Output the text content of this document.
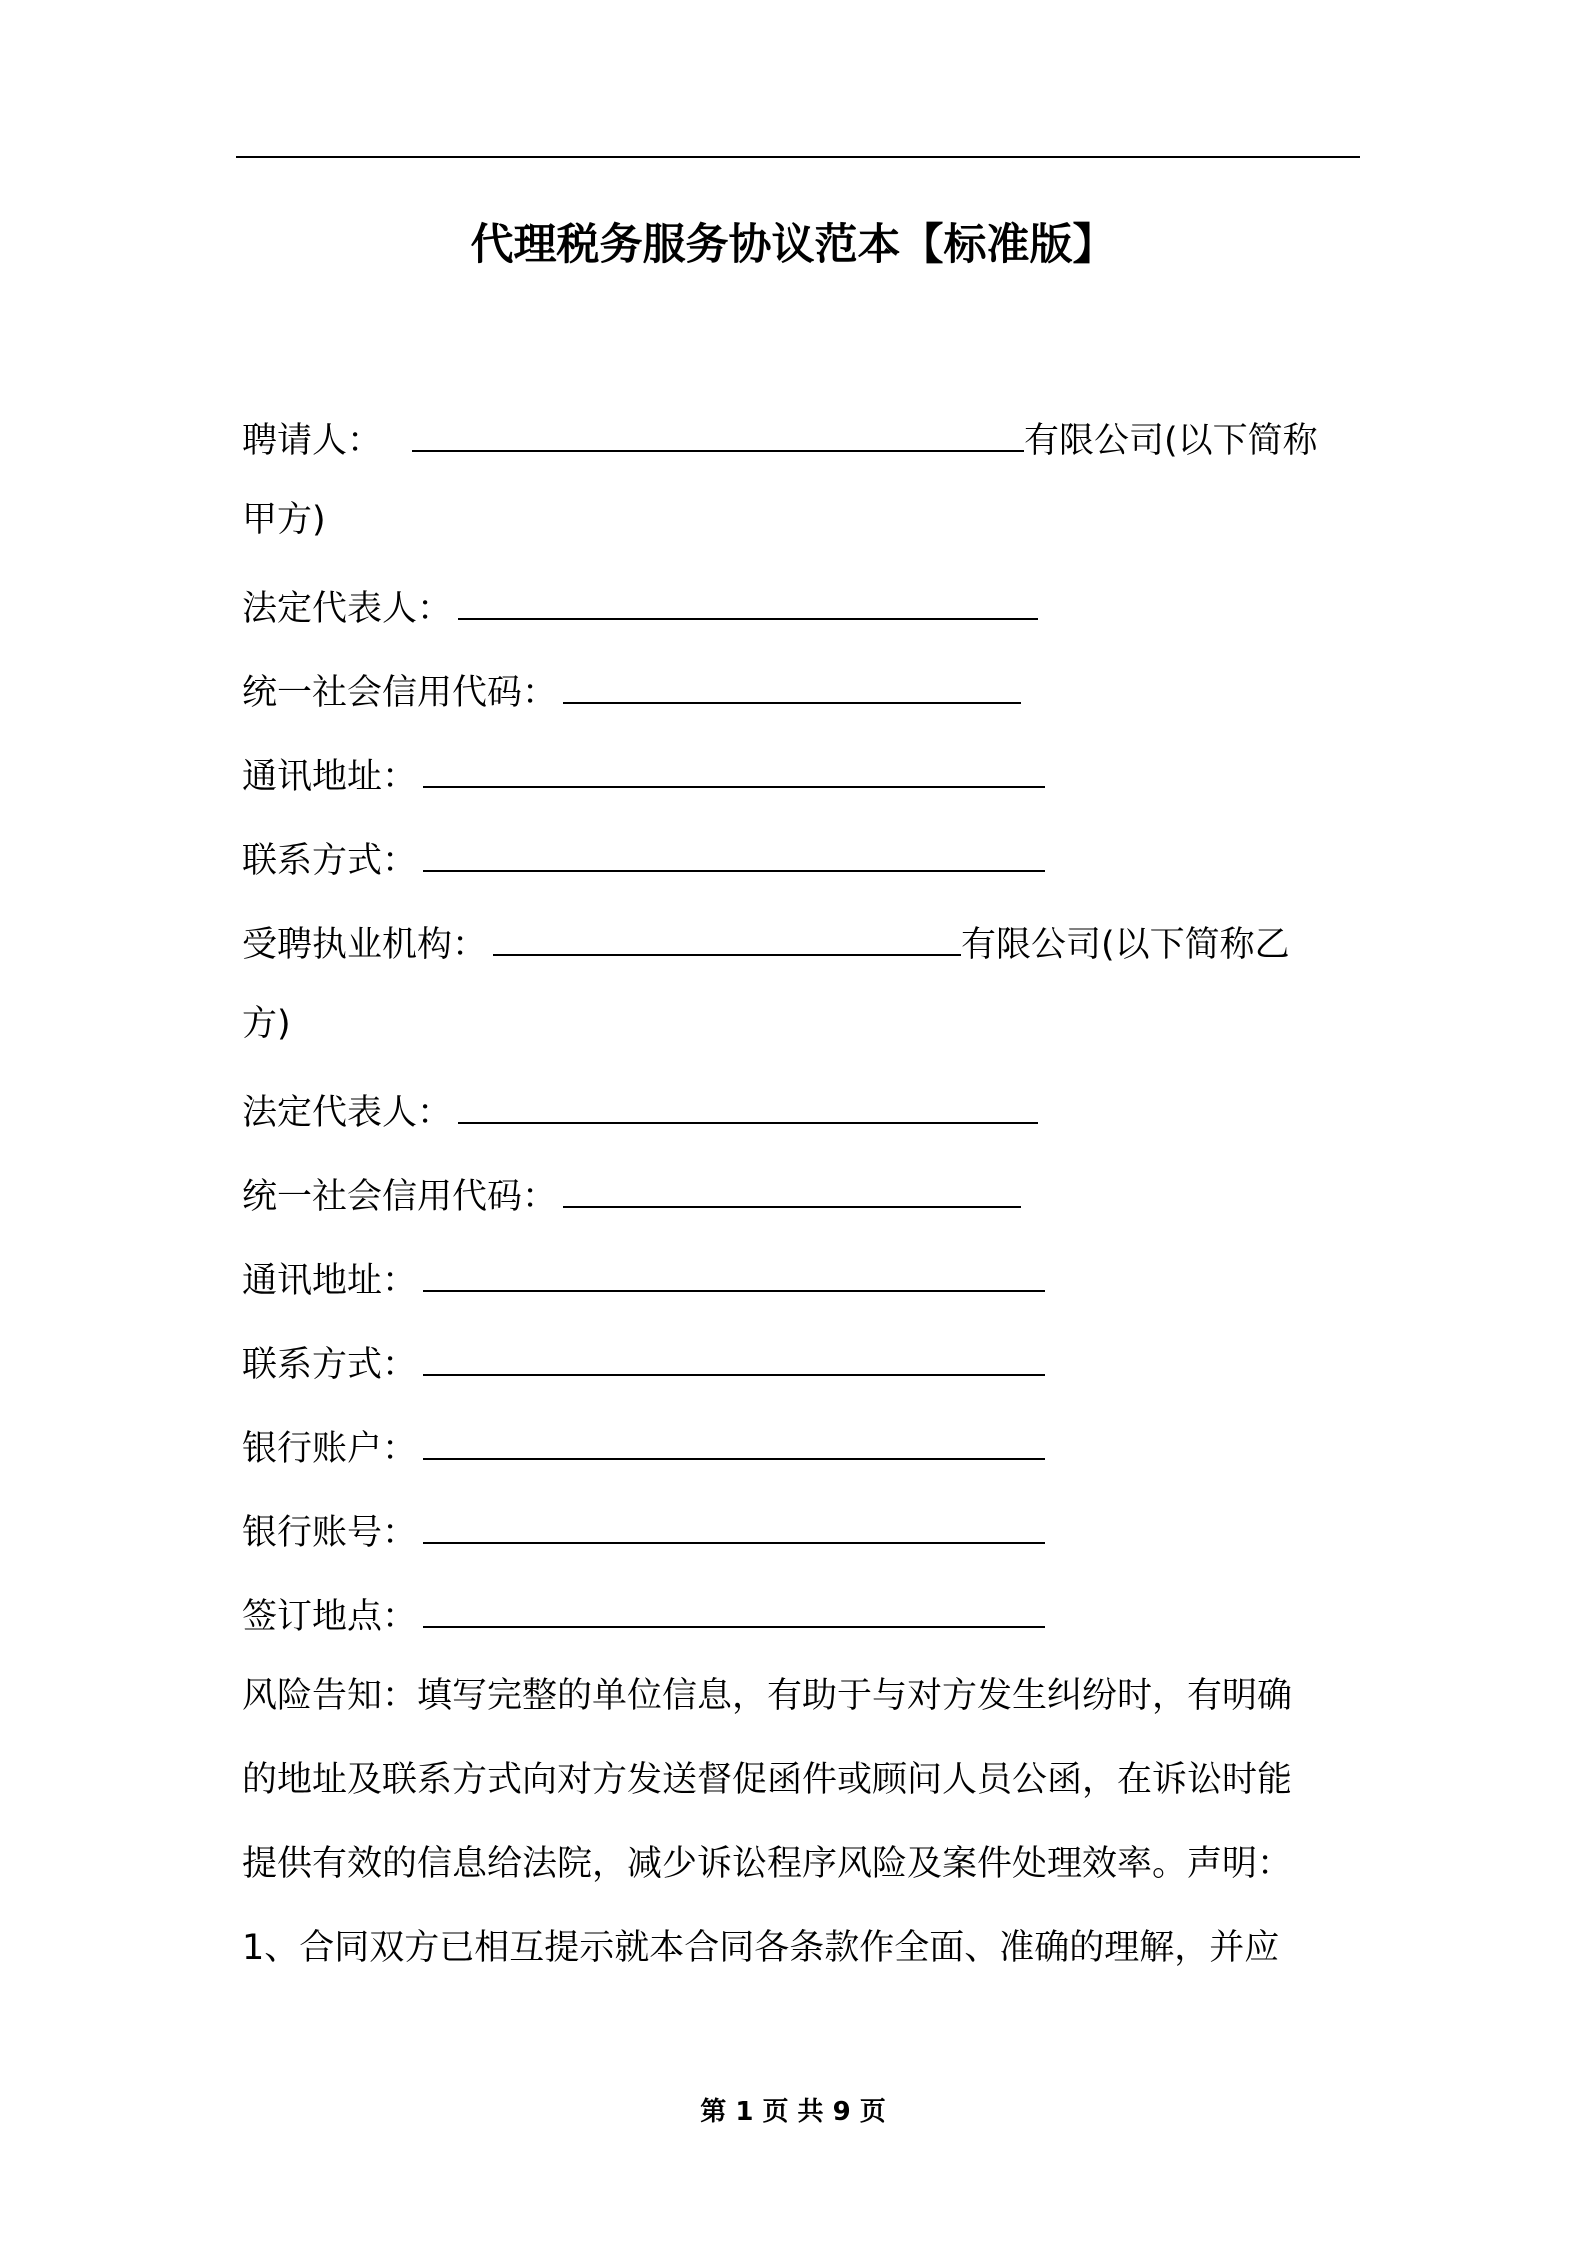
代理税务服务协议范本【标准版】
聘请人：	有限公司(以下简称
甲方)
法定代表人：
统一社会信用代码：
通讯地址：
联系方式：
受聘执业机构：	有限公司(以下简称乙
方)
法定代表人：
统一社会信用代码：
通讯地址：
联系方式：
银行账户：
银行账号：
签订地点：
风险告知：填写完整的单位信息，有助于与对方发生纠纷时，有明确
的地址及联系方式向对方发送督促函件或顾问人员公函，在诉讼时能
提供有效的信息给法院，减少诉讼程序风险及案件处理效率。声明：
1、合同双方已相互提示就本合同各条款作全面、准确的理解，并应
第 1 页 共 9 页
